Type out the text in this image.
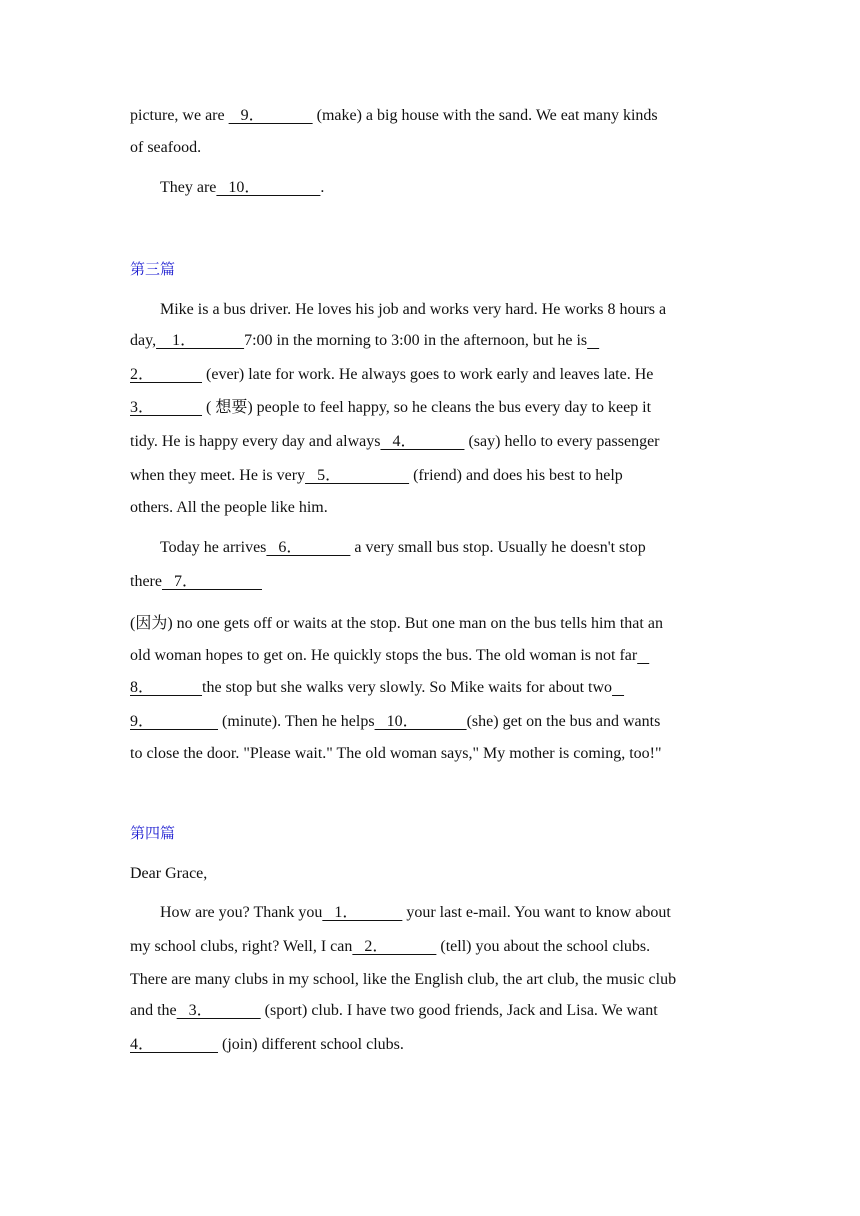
picture, we are    9．             (make) a big house with the sand. We eat many kinds
of seafood.
They are   10．               .
第三篇
Mike is a bus driver. He loves his job and works very hard. He works 8 hours a
day,    1．            7:00 in the morning to 3:00 in the afternoon, but he is
2．             (ever) late for work. He always goes to work early and leaves late. He
3．             ( 想要) people to feel happy, so he cleans the bus every day to keep it
tidy. He is happy every day and always   4．             (say) hello to every passenger
when they meet. He is very   5．                  (friend) and does his best to help
others. All the people like him.
Today he arrives   6．             a very small bus stop. Usually he doesn't stop
there   7．
(因为) no one gets off or waits at the stop. But one man on the bus tells him that an
old woman hopes to get on. He quickly stops the bus. The old woman is not far
8．            the stop but she walks very slowly. So Mike waits for about two
9．                 (minute). Then he helps   10．            (she) get on the bus and wants
to close the door. "Please wait." The old woman says," My mother is coming, too!"
第四篇
Dear Grace,
How are you? Thank you   1．            your last e-mail. You want to know about
my school clubs, right? Well, I can   2．             (tell) you about the school clubs.
There are many clubs in my school, like the English club, the art club, the music club
and the   3．             (sport) club. I have two good friends, Jack and Lisa. We want
4．                 (join) different school clubs.
